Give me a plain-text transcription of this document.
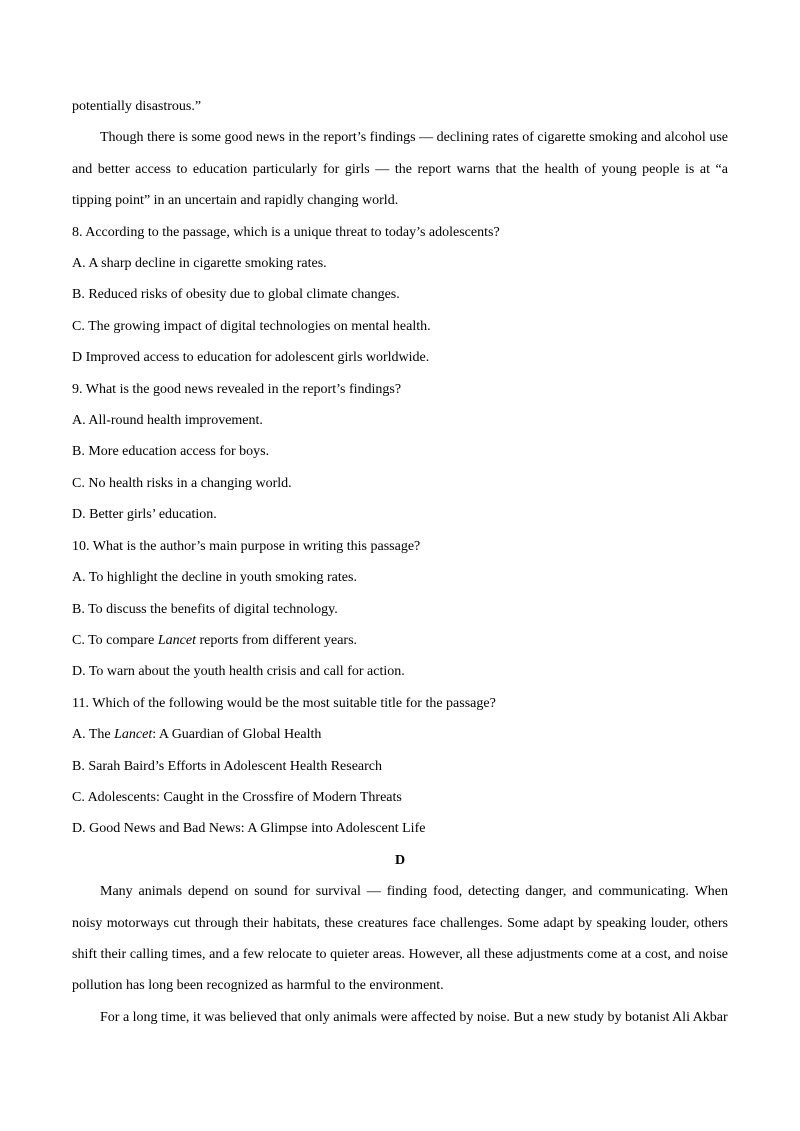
potentially disastrous.”

Though there is some good news in the report’s findings — declining rates of cigarette smoking and alcohol use and better access to education particularly for girls — the report warns that the health of young people is at “a tipping point” in an uncertain and rapidly changing world.

8. According to the passage, which is a unique threat to today’s adolescents?

A. A sharp decline in cigarette smoking rates.

B. Reduced risks of obesity due to global climate changes.

C. The growing impact of digital technologies on mental health.

D Improved access to education for adolescent girls worldwide.

9. What is the good news revealed in the report’s findings?

A. All-round health improvement.

B. More education access for boys.

C. No health risks in a changing world.

D. Better girls’ education.

10. What is the author’s main purpose in writing this passage?

A. To highlight the decline in youth smoking rates.

B. To discuss the benefits of digital technology.

C. To compare Lancet reports from different years.

D. To warn about the youth health crisis and call for action.

11. Which of the following would be the most suitable title for the passage?

A. The Lancet: A Guardian of Global Health

B. Sarah Baird’s Efforts in Adolescent Health Research

C. Adolescents: Caught in the Crossfire of Modern Threats

D. Good News and Bad News: A Glimpse into Adolescent Life

D

Many animals depend on sound for survival — finding food, detecting danger, and communicating. When noisy motorways cut through their habitats, these creatures face challenges. Some adapt by speaking louder, others shift their calling times, and a few relocate to quieter areas. However, all these adjustments come at a cost, and noise pollution has long been recognized as harmful to the environment.

For a long time, it was believed that only animals were affected by noise. But a new study by botanist Ali Akbar
